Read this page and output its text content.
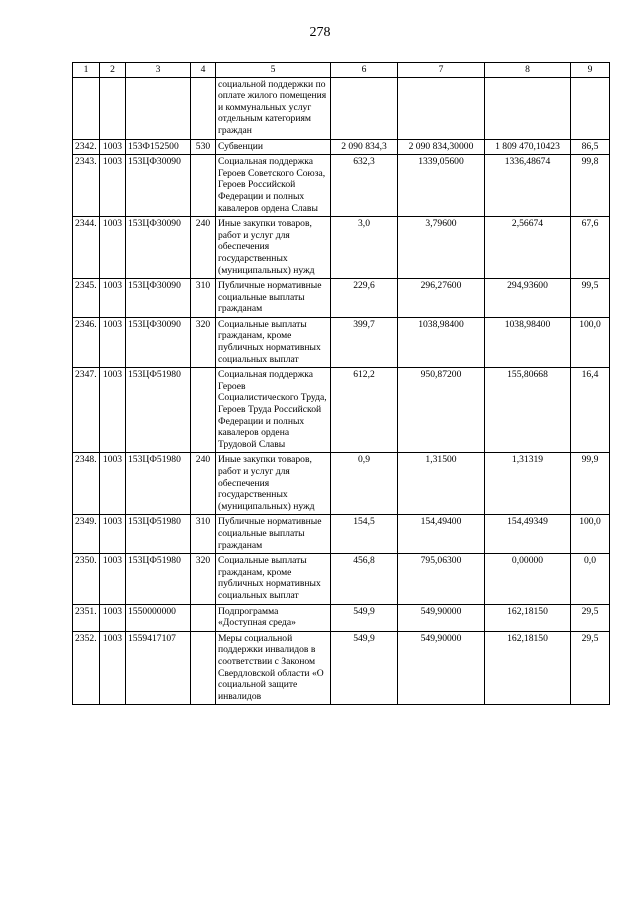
278
1	2	3	4	5	6	7	8	9
				социальной поддержки по оплате жилого помещения и коммунальных услуг отдельным категориям граждан				
2342.	1003	153Ф152500	530	Субвенции	2 090 834,3	2 090 834,30000	1 809 470,10423	86,5
2343.	1003	153ЦФ30090		Социальная поддержка Героев Советского Союза, Героев Российской Федерации и полных кавалеров ордена Славы	632,3	1339,05600	1336,48674	99,8
2344.	1003	153ЦФ30090	240	Иные закупки товаров, работ и услуг для обеспечения государственных (муниципальных) нужд	3,0	3,79600	2,56674	67,6
2345.	1003	153ЦФ30090	310	Публичные нормативные социальные выплаты гражданам	229,6	296,27600	294,93600	99,5
2346.	1003	153ЦФ30090	320	Социальные выплаты гражданам, кроме публичных нормативных социальных выплат	399,7	1038,98400	1038,98400	100,0
2347.	1003	153ЦФ51980		Социальная поддержка Героев Социалистического Труда, Героев Труда Российской Федерации и полных кавалеров ордена Трудовой Славы	612,2	950,87200	155,80668	16,4
2348.	1003	153ЦФ51980	240	Иные закупки товаров, работ и услуг для обеспечения государственных (муниципальных) нужд	0,9	1,31500	1,31319	99,9
2349.	1003	153ЦФ51980	310	Публичные нормативные социальные выплаты гражданам	154,5	154,49400	154,49349	100,0
2350.	1003	153ЦФ51980	320	Социальные выплаты гражданам, кроме публичных нормативных социальных выплат	456,8	795,06300	0,00000	0,0
2351.	1003	1550000000		Подпрограмма «Доступная среда»	549,9	549,90000	162,18150	29,5
2352.	1003	1559417107		Меры социальной поддержки инвалидов в соответствии с Законом Свердловской области «О социальной защите инвалидов	549,9	549,90000	162,18150	29,5
